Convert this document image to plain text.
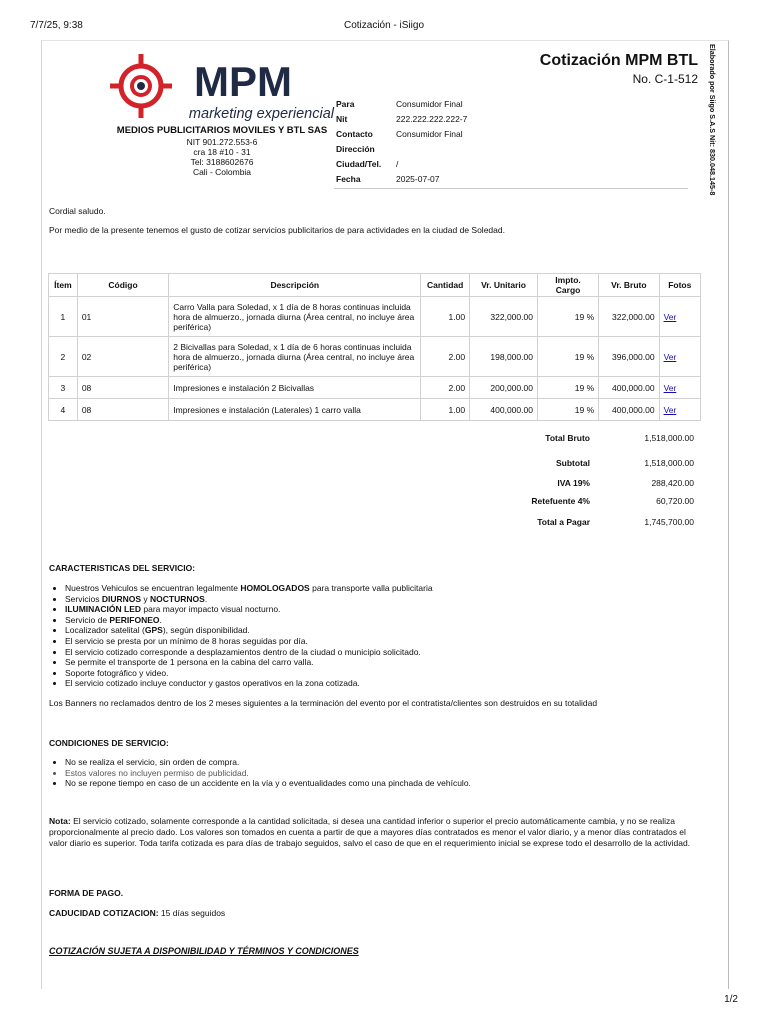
7/7/25, 9:38	Cotización - iSiigo
Elaborado por Siigo S.A.S Nit: 830.048.145-8
Cotización MPM BTL
No. C-1-512
MPM
marketing experiencial
MEDIOS PUBLICITARIOS MOVILES Y BTL SAS
NIT 901.272.553-6
cra 18 #10 - 31
Tel: 3188602676
Cali - Colombia
Para	Consumidor Final
Nit	222.222.222.222-7
Contacto	Consumidor Final
Dirección	
Ciudad/Tel.	/
Fecha	2025-07-07
Cordial saludo.
Por medio de la presente tenemos el gusto de cotizar servicios publicitarios de para actividades en la ciudad de Soledad.
Ítem	Código	Descripción	Cantidad	Vr. Unitario	Impto. Cargo	Vr. Bruto	Fotos
1	01	Carro Valla para Soledad, x 1 día de 8 horas continuas incluida hora de almuerzo., jornada diurna (Área central, no incluye área periférica)	1.00	322,000.00	19 %	322,000.00	Ver
2	02	2 Bicivallas para Soledad, x 1 día de 6 horas continuas incluida hora de almuerzo., jornada diurna (Área central, no incluye área periférica)	2.00	198,000.00	19 %	396,000.00	Ver
3	08	Impresiones e instalación 2 Bicivallas	2.00	200,000.00	19 %	400,000.00	Ver
4	08	Impresiones e instalación (Laterales) 1 carro valla	1.00	400,000.00	19 %	400,000.00	Ver
Total Bruto	1,518,000.00
Subtotal	1,518,000.00
IVA 19%	288,420.00
Retefuente 4%	60,720.00
Total a Pagar	1,745,700.00
CARACTERISTICAS DEL SERVICIO:
• Nuestros Vehiculos se encuentran legalmente HOMOLOGADOS para transporte valla publicitaria
• Servicios DIURNOS y NOCTURNOS.
• ILUMINACIÓN LED para mayor impacto visual nocturno.
• Servicio de PERIFONEO.
• Localizador satelital (GPS), según disponibilidad.
• El servicio se presta por un mínimo de 8 horas seguidas por día.
• El servicio cotizado corresponde a desplazamientos dentro de la ciudad o municipio solicitado.
• Se permite el transporte de 1 persona en la cabina del carro valla.
• Soporte fotográfico y video.
• El servicio cotizado incluye conductor y gastos operativos en la zona cotizada.
Los Banners no reclamados dentro de los 2 meses siguientes a la terminación del evento por el contratista/clientes son destruidos en su totalidad
CONDICIONES DE SERVICIO:
• No se realiza el servicio, sin orden de compra.
• Estos valores no incluyen permiso de publicidad.
• No se repone tiempo en caso de un accidente en la vía y o eventualidades como una pinchada de vehículo.
Nota: El servicio cotizado, solamente corresponde a la cantidad solicitada, si desea una cantidad inferior o superior el precio automáticamente cambia, y no se realiza proporcionalmente al precio dado. Los valores son tomados en cuenta a partir de que a mayores días contratados es menor el valor diario, y a menor días contratados el valor diario es superior. Toda tarifa cotizada es para días de trabajo seguidos, salvo el caso de que en el requerimiento inicial se exprese todo el desarrollo de la actividad.
FORMA DE PAGO.
CADUCIDAD COTIZACION: 15 días seguidos
COTIZACIÓN SUJETA A DISPONIBILIDAD Y TÉRMINOS Y CONDICIONES
1/2
